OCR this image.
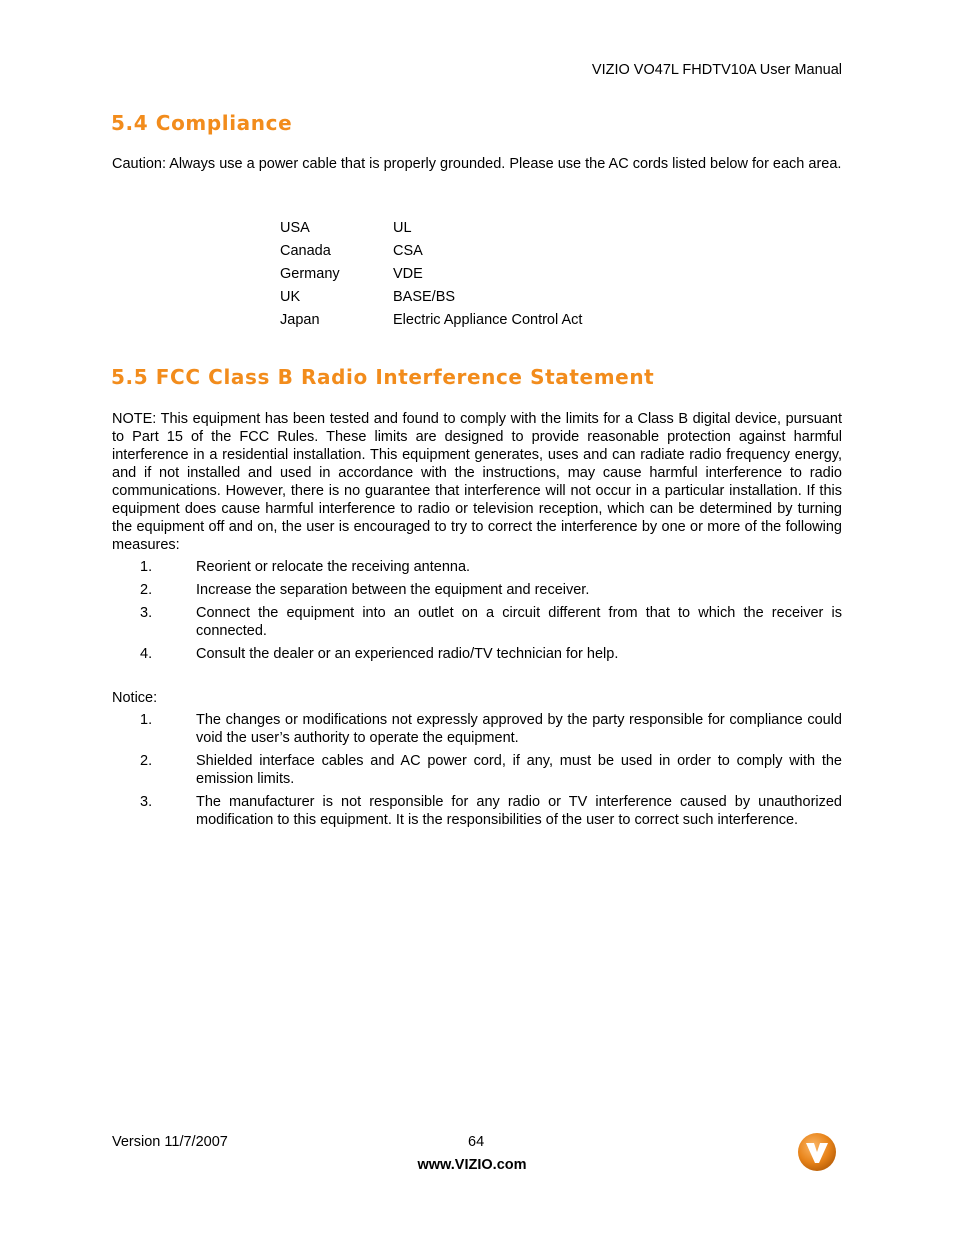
VIZIO VO47L FHDTV10A User Manual
5.4 Compliance
Caution: Always use a power cable that is properly grounded. Please use the AC cords listed below for each area.
USA	UL
Canada	CSA
Germany	VDE
UK	BASE/BS
Japan	Electric Appliance Control Act
5.5 FCC Class B Radio Interference Statement
NOTE: This equipment has been tested and found to comply with the limits for a Class B digital device, pursuant to Part 15 of the FCC Rules. These limits are designed to provide reasonable protection against harmful interference in a residential installation. This equipment generates, uses and can radiate radio frequency energy, and if not installed and used in accordance with the instructions, may cause harmful interference to radio communications. However, there is no guarantee that interference will not occur in a particular installation. If this equipment does cause harmful interference to radio or television reception, which can be determined by turning the equipment off and on, the user is encouraged to try to correct the interference by one or more of the following measures:
1.	Reorient or relocate the receiving antenna.
2.	Increase the separation between the equipment and receiver.
3.	Connect the equipment into an outlet on a circuit different from that to which the receiver is connected.
4.	Consult the dealer or an experienced radio/TV technician for help.
Notice:
1.	The changes or modifications not expressly approved by the party responsible for compliance could void the user’s authority to operate the equipment.
2.	Shielded interface cables and AC power cord, if any, must be used in order to comply with the emission limits.
3.	The manufacturer is not responsible for any radio or TV interference caused by unauthorized modification to this equipment. It is the responsibilities of the user to correct such interference.
Version 11/7/2007	64
www.VIZIO.com
